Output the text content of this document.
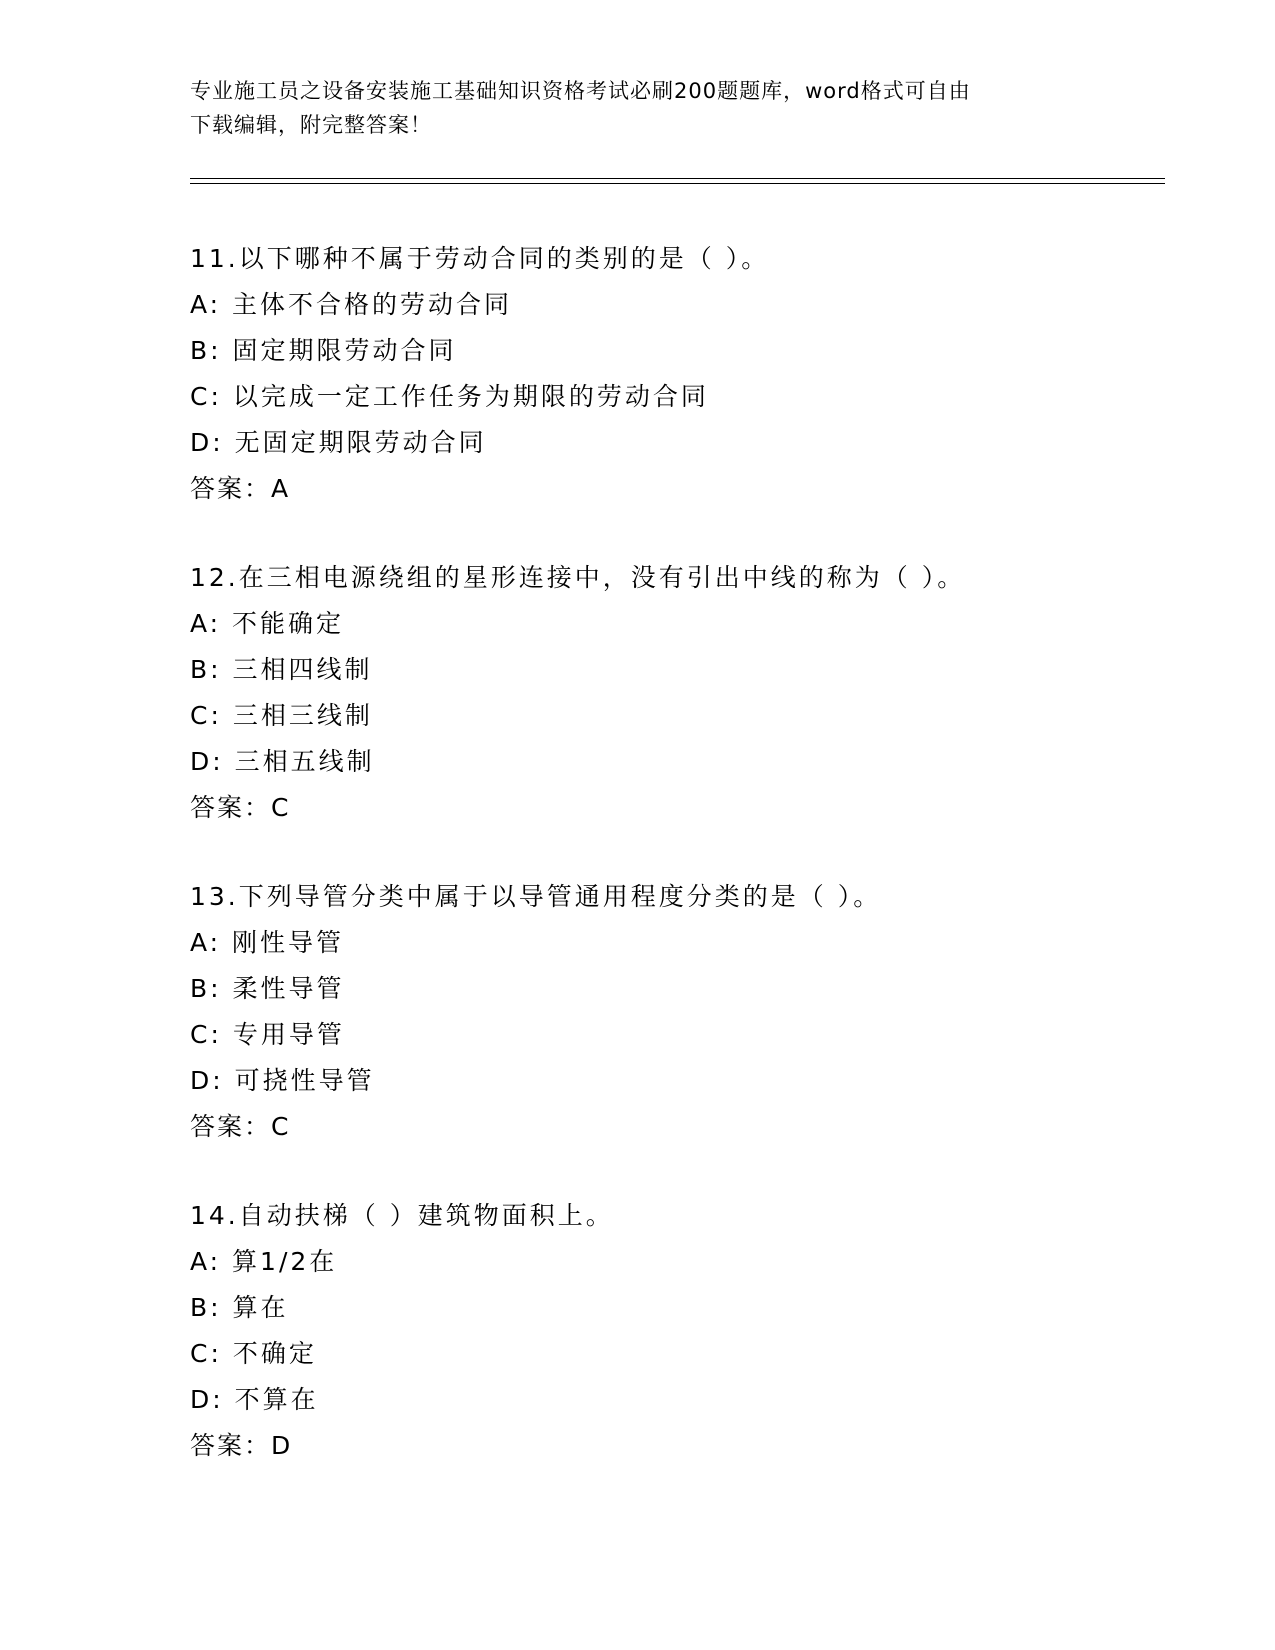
专业施工员之设备安装施工基础知识资格考试必刷200题题库，word格式可自由
下载编辑，附完整答案！
11.以下哪种不属于劳动合同的类别的是（ ）。
A: 主体不合格的劳动合同
B: 固定期限劳动合同
C: 以完成一定工作任务为期限的劳动合同
D: 无固定期限劳动合同
答案：A
12.在三相电源绕组的星形连接中，没有引出中线的称为（ ）。
A: 不能确定
B: 三相四线制
C: 三相三线制
D: 三相五线制
答案：C
13.下列导管分类中属于以导管通用程度分类的是（ ）。
A: 刚性导管
B: 柔性导管
C: 专用导管
D: 可挠性导管
答案：C
14.自动扶梯（ ）建筑物面积上。
A: 算1/2在
B: 算在
C: 不确定
D: 不算在
答案：D
